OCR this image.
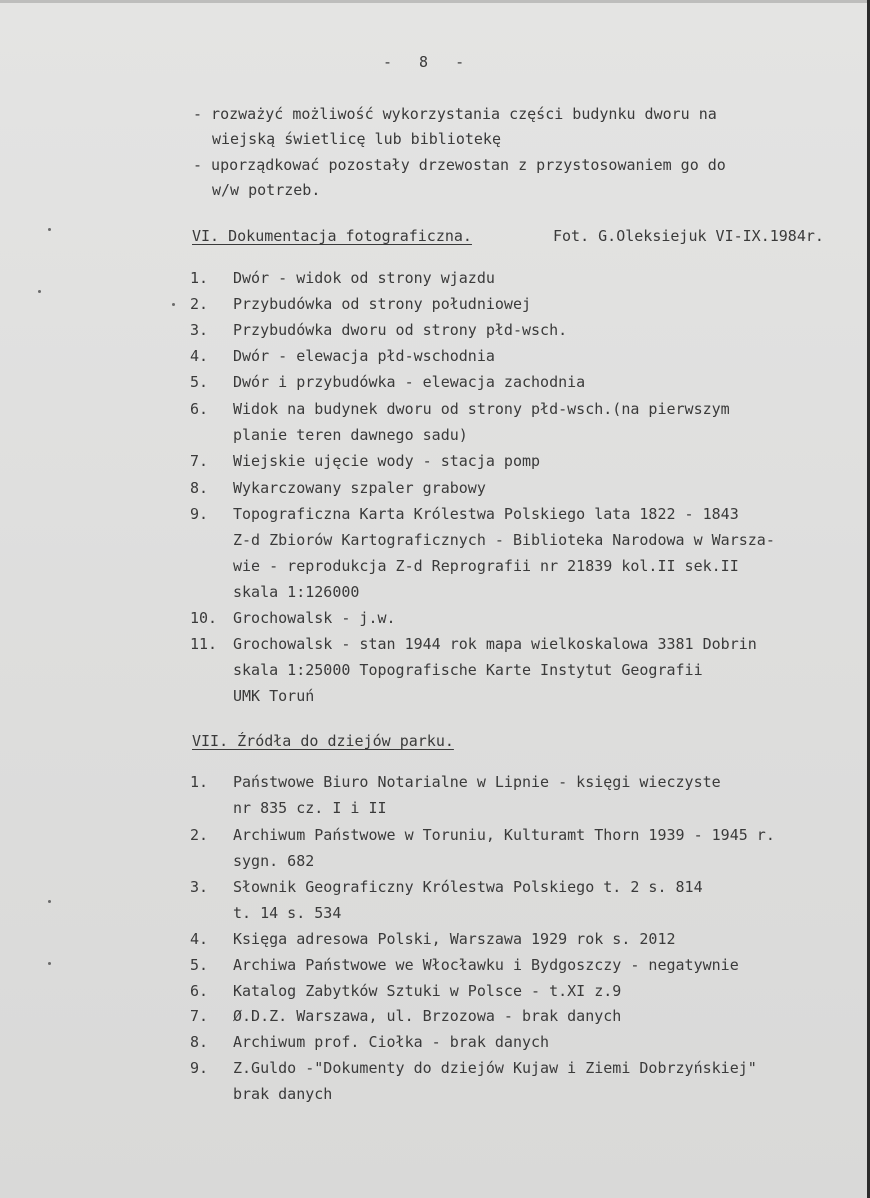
- 8 -
- rozważyć możliwość wykorzystania części budynku dworu na
wiejską świetlicę lub bibliotekę
- uporządkować pozostały drzewostan z przystosowaniem go do
w/w potrzeb.
VI. Dokumentacja fotograficzna.	Fot. G.Oleksiejuk VI-IX.1984r.
1. Dwór - widok od strony wjazdu
2. Przybudówka od strony południowej
3. Przybudówka dworu od strony płd-wsch.
4. Dwór - elewacja płd-wschodnia
5. Dwór i przybudówka - elewacja zachodnia
6. Widok na budynek dworu od strony płd-wsch.(na pierwszym
planie teren dawnego sadu)
7. Wiejskie ujęcie wody - stacja pomp
8. Wykarczowany szpaler grabowy
9. Topograficzna Karta Królestwa Polskiego lata 1822 - 1843
Z-d Zbiorów Kartograficznych - Biblioteka Narodowa w Warsza-
wie - reprodukcja Z-d Reprografii nr 21839 kol.II sek.II
skala 1:126000
10. Grochowalsk - j.w.
11. Grochowalsk - stan 1944 rok mapa wielkoskalowa 3381 Dobrin
skala 1:25000 Topografische Karte Instytut Geografii
UMK Toruń
VII. Źródła do dziejów parku.
1. Państwowe Biuro Notarialne w Lipnie - księgi wieczyste
nr 835 cz. I i II
2. Archiwum Państwowe w Toruniu, Kulturamt Thorn 1939 - 1945 r.
sygn. 682
3. Słownik Geograficzny Królestwa Polskiego t. 2 s. 814
t. 14 s. 534
4. Księga adresowa Polski, Warszawa 1929 rok s. 2012
5. Archiwa Państwowe we Włocławku i Bydgoszczy - negatywnie
6. Katalog Zabytków Sztuki w Polsce - t.XI z.9
7. Ø.D.Z. Warszawa, ul. Brzozowa - brak danych
8. Archiwum prof. Ciołka - brak danych
9. Z.Guldo -"Dokumenty do dziejów Kujaw i Ziemi Dobrzyńskiej"
brak danych
